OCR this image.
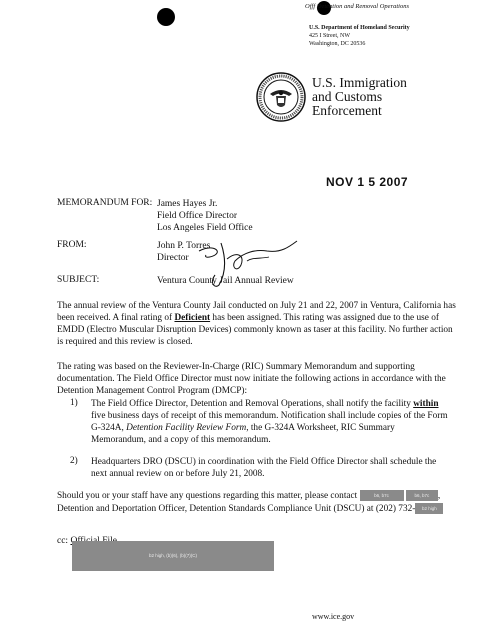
Offf Detention and Removal Operations
U.S. Department of Homeland Security
425 I Street, NW
Washington, DC 20536
U.S. Immigration
and Customs
Enforcement
NOV 1 5 2007
MEMORANDUM FOR: James Hayes Jr.
Field Office Director
Los Angeles Field Office
FROM:	John P. Torres
Director
SUBJECT:	Ventura County Jail Annual Review
The annual review of the Ventura County Jail conducted on July 21 and 22, 2007 in Ventura, California has been received. A final rating of Deficient has been assigned. This rating was assigned due to the use of EMDD (Electro Muscular Disruption Devices) commonly known as taser at this facility. No further action is required and this review is closed.
The rating was based on the Reviewer-In-Charge (RIC) Summary Memorandum and supporting documentation. The Field Office Director must now initiate the following actions in accordance with the Detention Management Control Program (DMCP):
1) The Field Office Director, Detention and Removal Operations, shall notify the facility within five business days of receipt of this memorandum. Notification shall include copies of the Form G-324A, Detention Facility Review Form, the G-324A Worksheet, RIC Summary Memorandum, and a copy of this memorandum.
2) Headquarters DRO (DSCU) in coordination with the Field Office Director shall schedule the next annual review on or before July 21, 2008.
Should you or your staff have any questions regarding this matter, please contact	b6, b7c	b6, b7c , Detention and Deportation Officer, Detention Standards Compliance Unit (DSCU) at (202) 732- b2 high
cc:
b2 high, (b)(6), (b)(7)(C)
www.ice.gov
